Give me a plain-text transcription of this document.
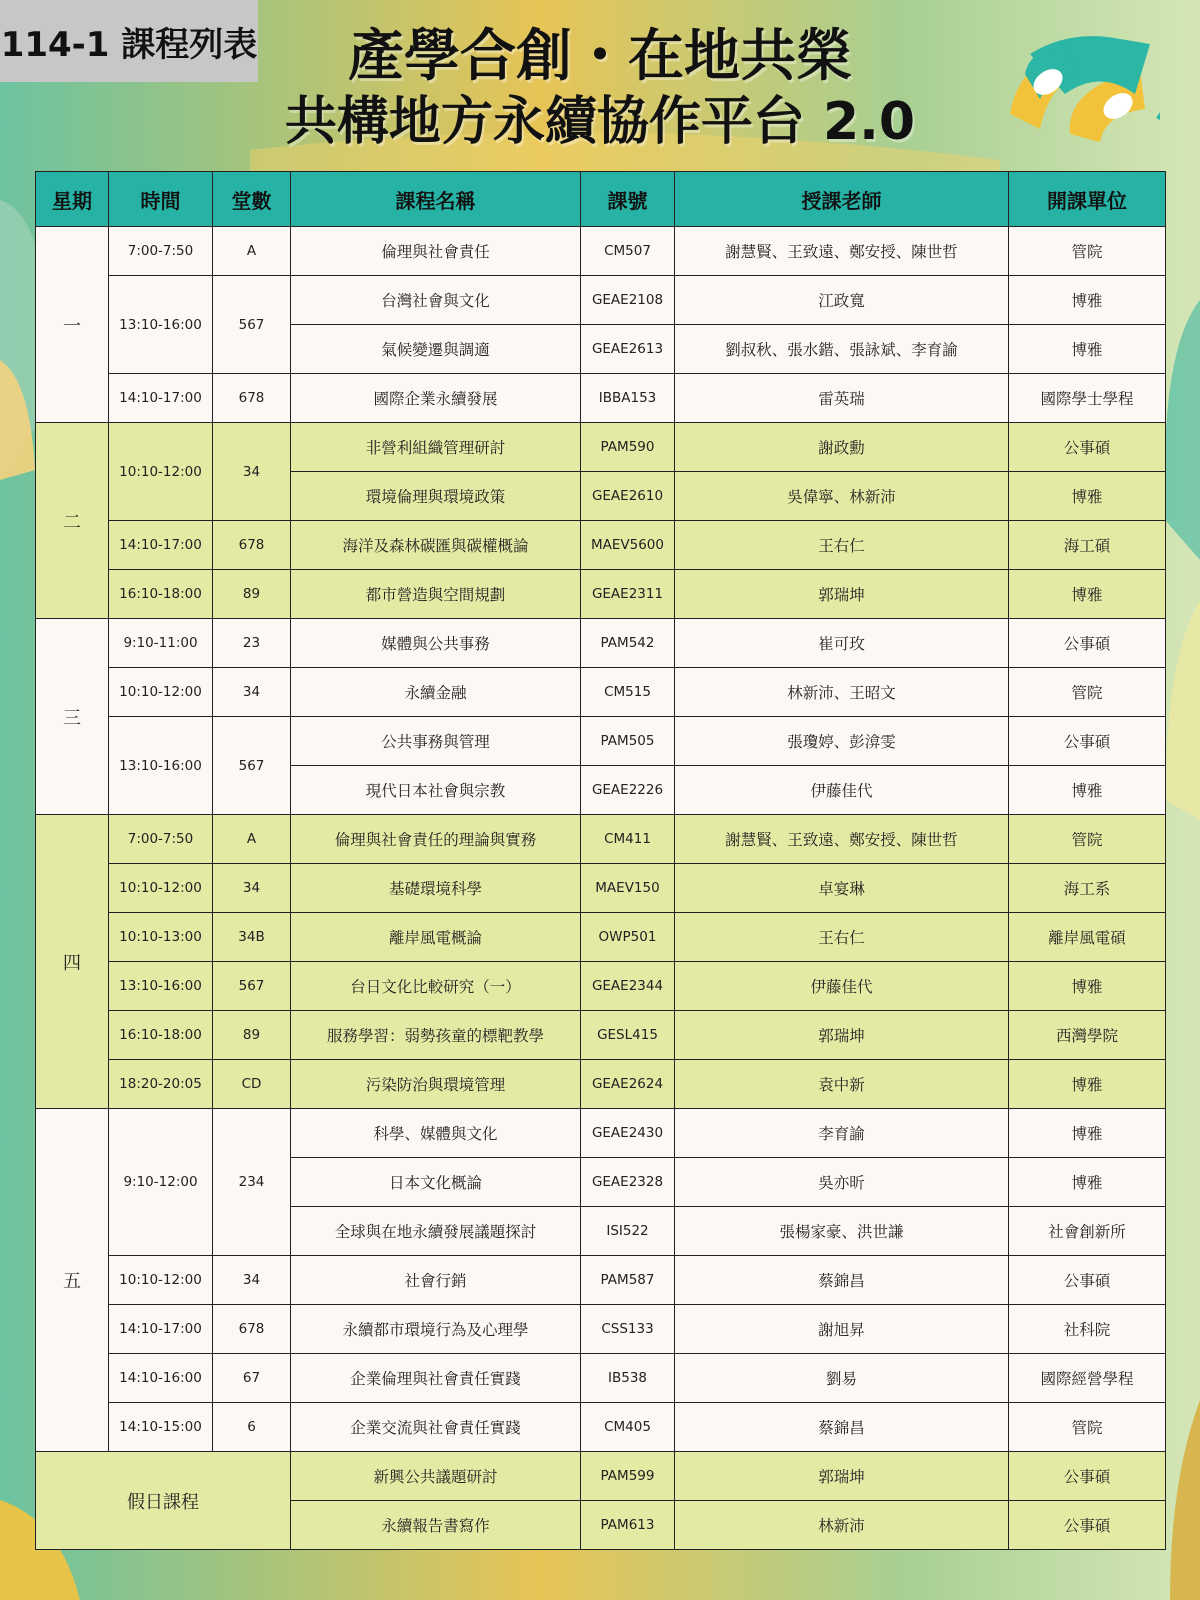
114-1 課程列表	產學合創・在地共榮
共構地方永續協作平台 2.0
星期	時間	堂數	課程名稱	課號	授課老師	開課單位
一	7:00-7:50	A	倫理與社會責任	CM507	謝慧賢、王致遠、鄭安授、陳世哲	管院
	13:10-16:00	567	台灣社會與文化	GEAE2108	江政寬	博雅
			氣候變遷與調適	GEAE2613	劉叔秋、張水鍇、張詠斌、李育諭	博雅
	14:10-17:00	678	國際企業永續發展	IBBA153	雷英瑞	國際學士學程
二	10:10-12:00	34	非營利組織管理研討	PAM590	謝政勳	公事碩
			環境倫理與環境政策	GEAE2610	吳偉寧、林新沛	博雅
	14:10-17:00	678	海洋及森林碳匯與碳權概論	MAEV5600	王右仁	海工碩
	16:10-18:00	89	都市營造與空間規劃	GEAE2311	郭瑞坤	博雅
三	9:10-11:00	23	媒體與公共事務	PAM542	崔可玫	公事碩
	10:10-12:00	34	永續金融	CM515	林新沛、王昭文	管院
	13:10-16:00	567	公共事務與管理	PAM505	張瓊婷、彭渰雯	公事碩
			現代日本社會與宗教	GEAE2226	伊藤佳代	博雅
四	7:00-7:50	A	倫理與社會責任的理論與實務	CM411	謝慧賢、王致遠、鄭安授、陳世哲	管院
	10:10-12:00	34	基礎環境科學	MAEV150	卓宴琳	海工系
	10:10-13:00	34B	離岸風電概論	OWP501	王右仁	離岸風電碩
	13:10-16:00	567	台日文化比較研究（一）	GEAE2344	伊藤佳代	博雅
	16:10-18:00	89	服務學習：弱勢孩童的標靶教學	GESL415	郭瑞坤	西灣學院
	18:20-20:05	CD	污染防治與環境管理	GEAE2624	袁中新	博雅
五	9:10-12:00	234	科學、媒體與文化	GEAE2430	李育諭	博雅
			日本文化概論	GEAE2328	吳亦昕	博雅
			全球與在地永續發展議題探討	ISI522	張楊家豪、洪世謙	社會創新所
	10:10-12:00	34	社會行銷	PAM587	蔡錦昌	公事碩
	14:10-17:00	678	永續都市環境行為及心理學	CSS133	謝旭昇	社科院
	14:10-16:00	67	企業倫理與社會責任實踐	IB538	劉易	國際經營學程
	14:10-15:00	6	企業交流與社會責任實踐	CM405	蔡錦昌	管院
假日課程			新興公共議題研討	PAM599	郭瑞坤	公事碩
			永續報告書寫作	PAM613	林新沛	公事碩
